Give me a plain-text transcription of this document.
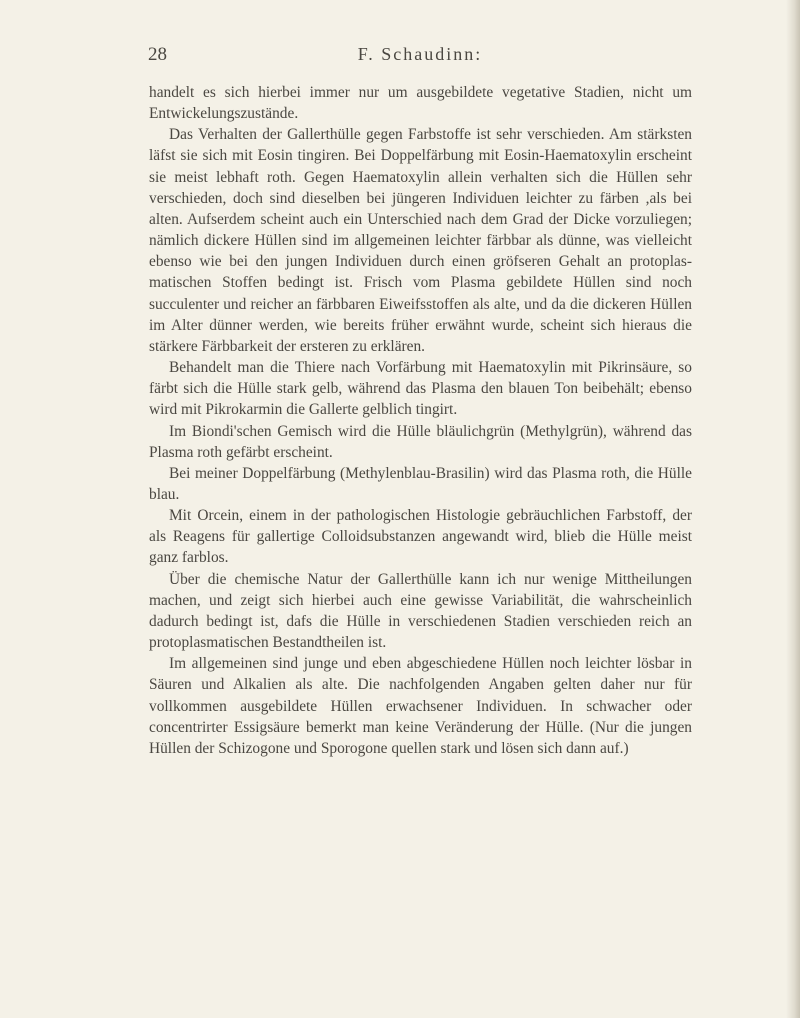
28	F. Schaudinn:

handelt es sich hierbei immer nur um ausgebildete vegetative Stadien, nicht um Entwickelungszustände.

Das Verhalten der Gallerthülle gegen Farbstoffe ist sehr verschieden. Am stärksten läfst sie sich mit Eosin tingiren. Bei Doppelfärbung mit Eosin-Haematoxylin erscheint sie meist lebhaft roth. Gegen Haematoxylin allein verhalten sich die Hüllen sehr verschieden, doch sind dieselben bei jüngeren Individuen leichter zu färben ,als bei alten. Aufserdem scheint auch ein Unterschied nach dem Grad der Dicke vorzuliegen; nämlich dickere Hüllen sind im allgemeinen leichter färbbar als dünne, was vielleicht ebenso wie bei den jungen Individuen durch einen gröfseren Gehalt an protoplasmatischen Stoffen bedingt ist. Frisch vom Plasma gebildete Hüllen sind noch succulenter und reicher an färbbaren Eiweifsstoffen als alte, und da die dickeren Hüllen im Alter dünner werden, wie bereits früher erwähnt wurde, scheint sich hieraus die stärkere Färbbarkeit der ersteren zu erklären.

Behandelt man die Thiere nach Vorfärbung mit Haematoxylin mit Pikrinsäure, so färbt sich die Hülle stark gelb, während das Plasma den blauen Ton beibehält; ebenso wird mit Pikrokarmin die Gallerte gelblich tingirt.

Im Biondi'schen Gemisch wird die Hülle bläulichgrün (Methylgrün), während das Plasma roth gefärbt erscheint.

Bei meiner Doppelfärbung (Methylenblau-Brasilin) wird das Plasma roth, die Hülle blau.

Mit Orcein, einem in der pathologischen Histologie gebräuchlichen Farbstoff, der als Reagens für gallertige Colloidsubstanzen angewandt wird, blieb die Hülle meist ganz farblos.

Über die chemische Natur der Gallerthülle kann ich nur wenige Mittheilungen machen, und zeigt sich hierbei auch eine gewisse Variabilität, die wahrscheinlich dadurch bedingt ist, dafs die Hülle in verschiedenen Stadien verschieden reich an protoplasmatischen Bestandtheilen ist.

Im allgemeinen sind junge und eben abgeschiedene Hüllen noch leichter lösbar in Säuren und Alkalien als alte. Die nachfolgenden Angaben gelten daher nur für vollkommen ausgebildete Hüllen erwachsener Individuen. In schwacher oder concentrirter Essigsäure bemerkt man keine Veränderung der Hülle. (Nur die jungen Hüllen der Schizogone und Sporogone quellen stark und lösen sich dann auf.)
